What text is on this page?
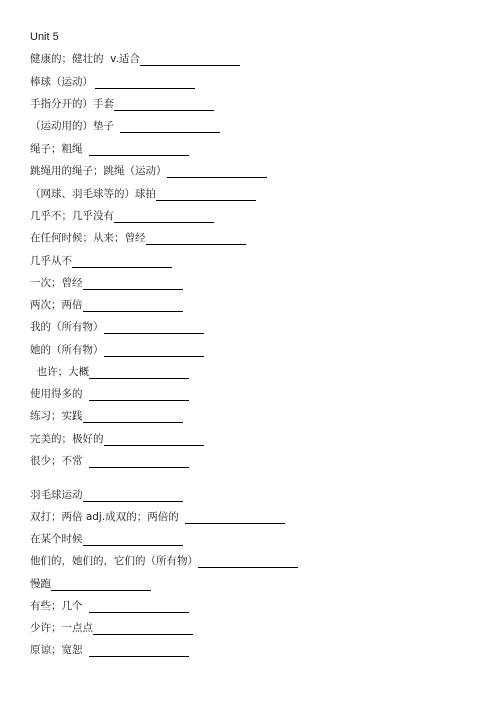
Unit 5
健康的；健壮的  v.适合
棒球（运动）
手指分开的）手套
（运动用的）垫子
绳子；粗绳
跳绳用的绳子；跳绳（运动）
（网球、羽毛球等的）球拍
几乎不；几乎没有
在任何时候；从来；曾经
几乎从不
一次；曾经
两次；两倍
我的（所有物）
她的（所有物）
也许；大概
使用得多的
练习；实践
完美的；极好的
很少；不常
羽毛球运动
双打；两倍 adj.成双的；两倍的
在某个时候
他们的，她们的，它们的（所有物）
慢跑
有些；几个
少许；一点点
原谅；宽恕
